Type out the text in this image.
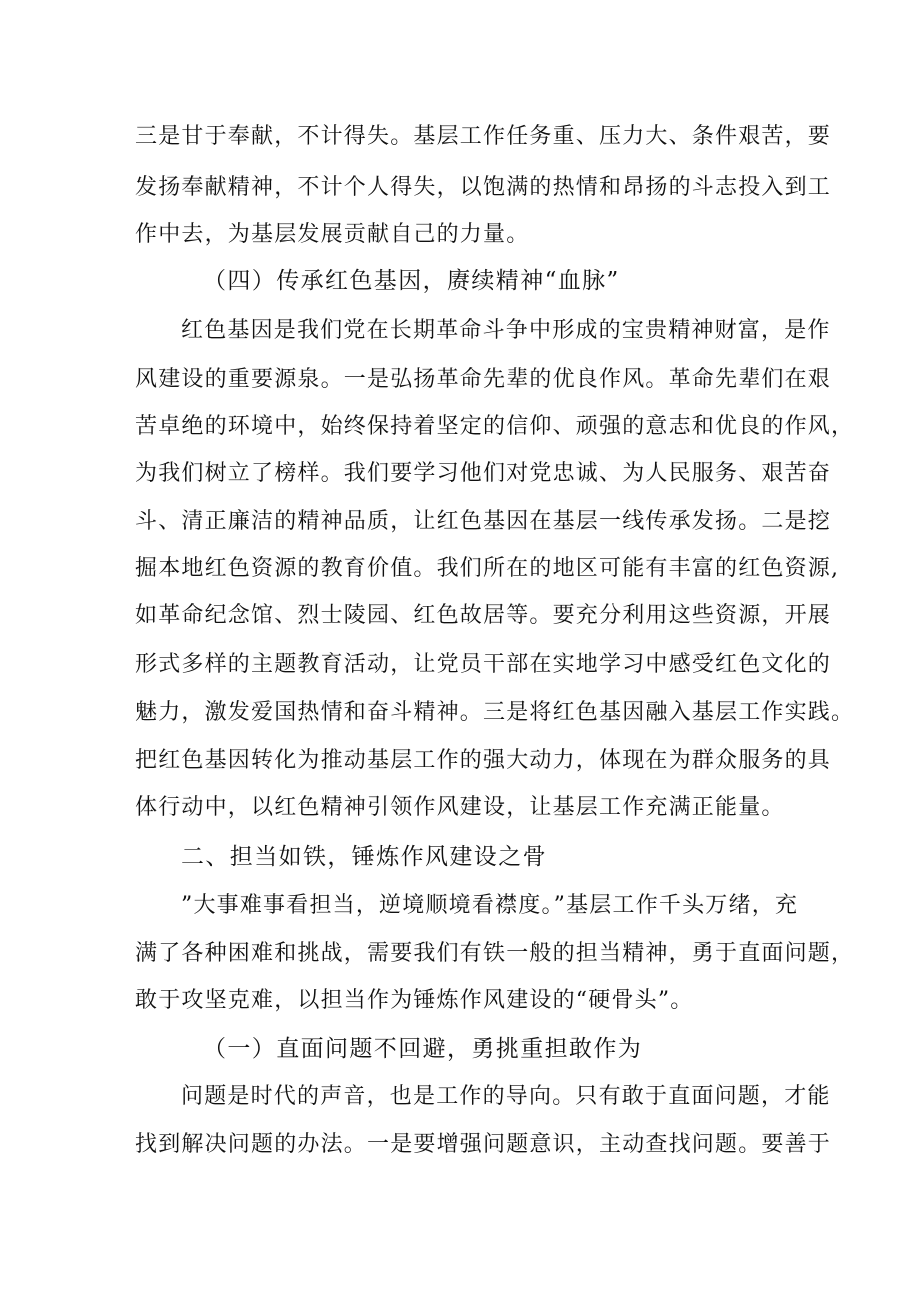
三是甘于奉献，不计得失。基层工作任务重、压力大、条件艰苦，要
发扬奉献精神，不计个人得失，以饱满的热情和昂扬的斗志投入到工
作中去，为基层发展贡献自己的力量。
（四）传承红色基因，赓续精神“血脉”
红色基因是我们党在长期革命斗争中形成的宝贵精神财富，是作
风建设的重要源泉。一是弘扬革命先辈的优良作风。革命先辈们在艰
苦卓绝的环境中，始终保持着坚定的信仰、顽强的意志和优良的作风，
为我们树立了榜样。我们要学习他们对党忠诚、为人民服务、艰苦奋
斗、清正廉洁的精神品质，让红色基因在基层一线传承发扬。二是挖
掘本地红色资源的教育价值。我们所在的地区可能有丰富的红色资源,
如革命纪念馆、烈士陵园、红色故居等。要充分利用这些资源，开展
形式多样的主题教育活动，让党员干部在实地学习中感受红色文化的
魅力，激发爱国热情和奋斗精神。三是将红色基因融入基层工作实践。
把红色基因转化为推动基层工作的强大动力，体现在为群众服务的具
体行动中，以红色精神引领作风建设，让基层工作充满正能量。
二、担当如铁，锤炼作风建设之骨
”大事难事看担当，逆境顺境看襟度。”基层工作千头万绪，充
满了各种困难和挑战，需要我们有铁一般的担当精神，勇于直面问题，
敢于攻坚克难，以担当作为锤炼作风建设的“硬骨头”。
（一）直面问题不回避，勇挑重担敢作为
问题是时代的声音，也是工作的导向。只有敢于直面问题，才能
找到解决问题的办法。一是要增强问题意识，主动查找问题。要善于
